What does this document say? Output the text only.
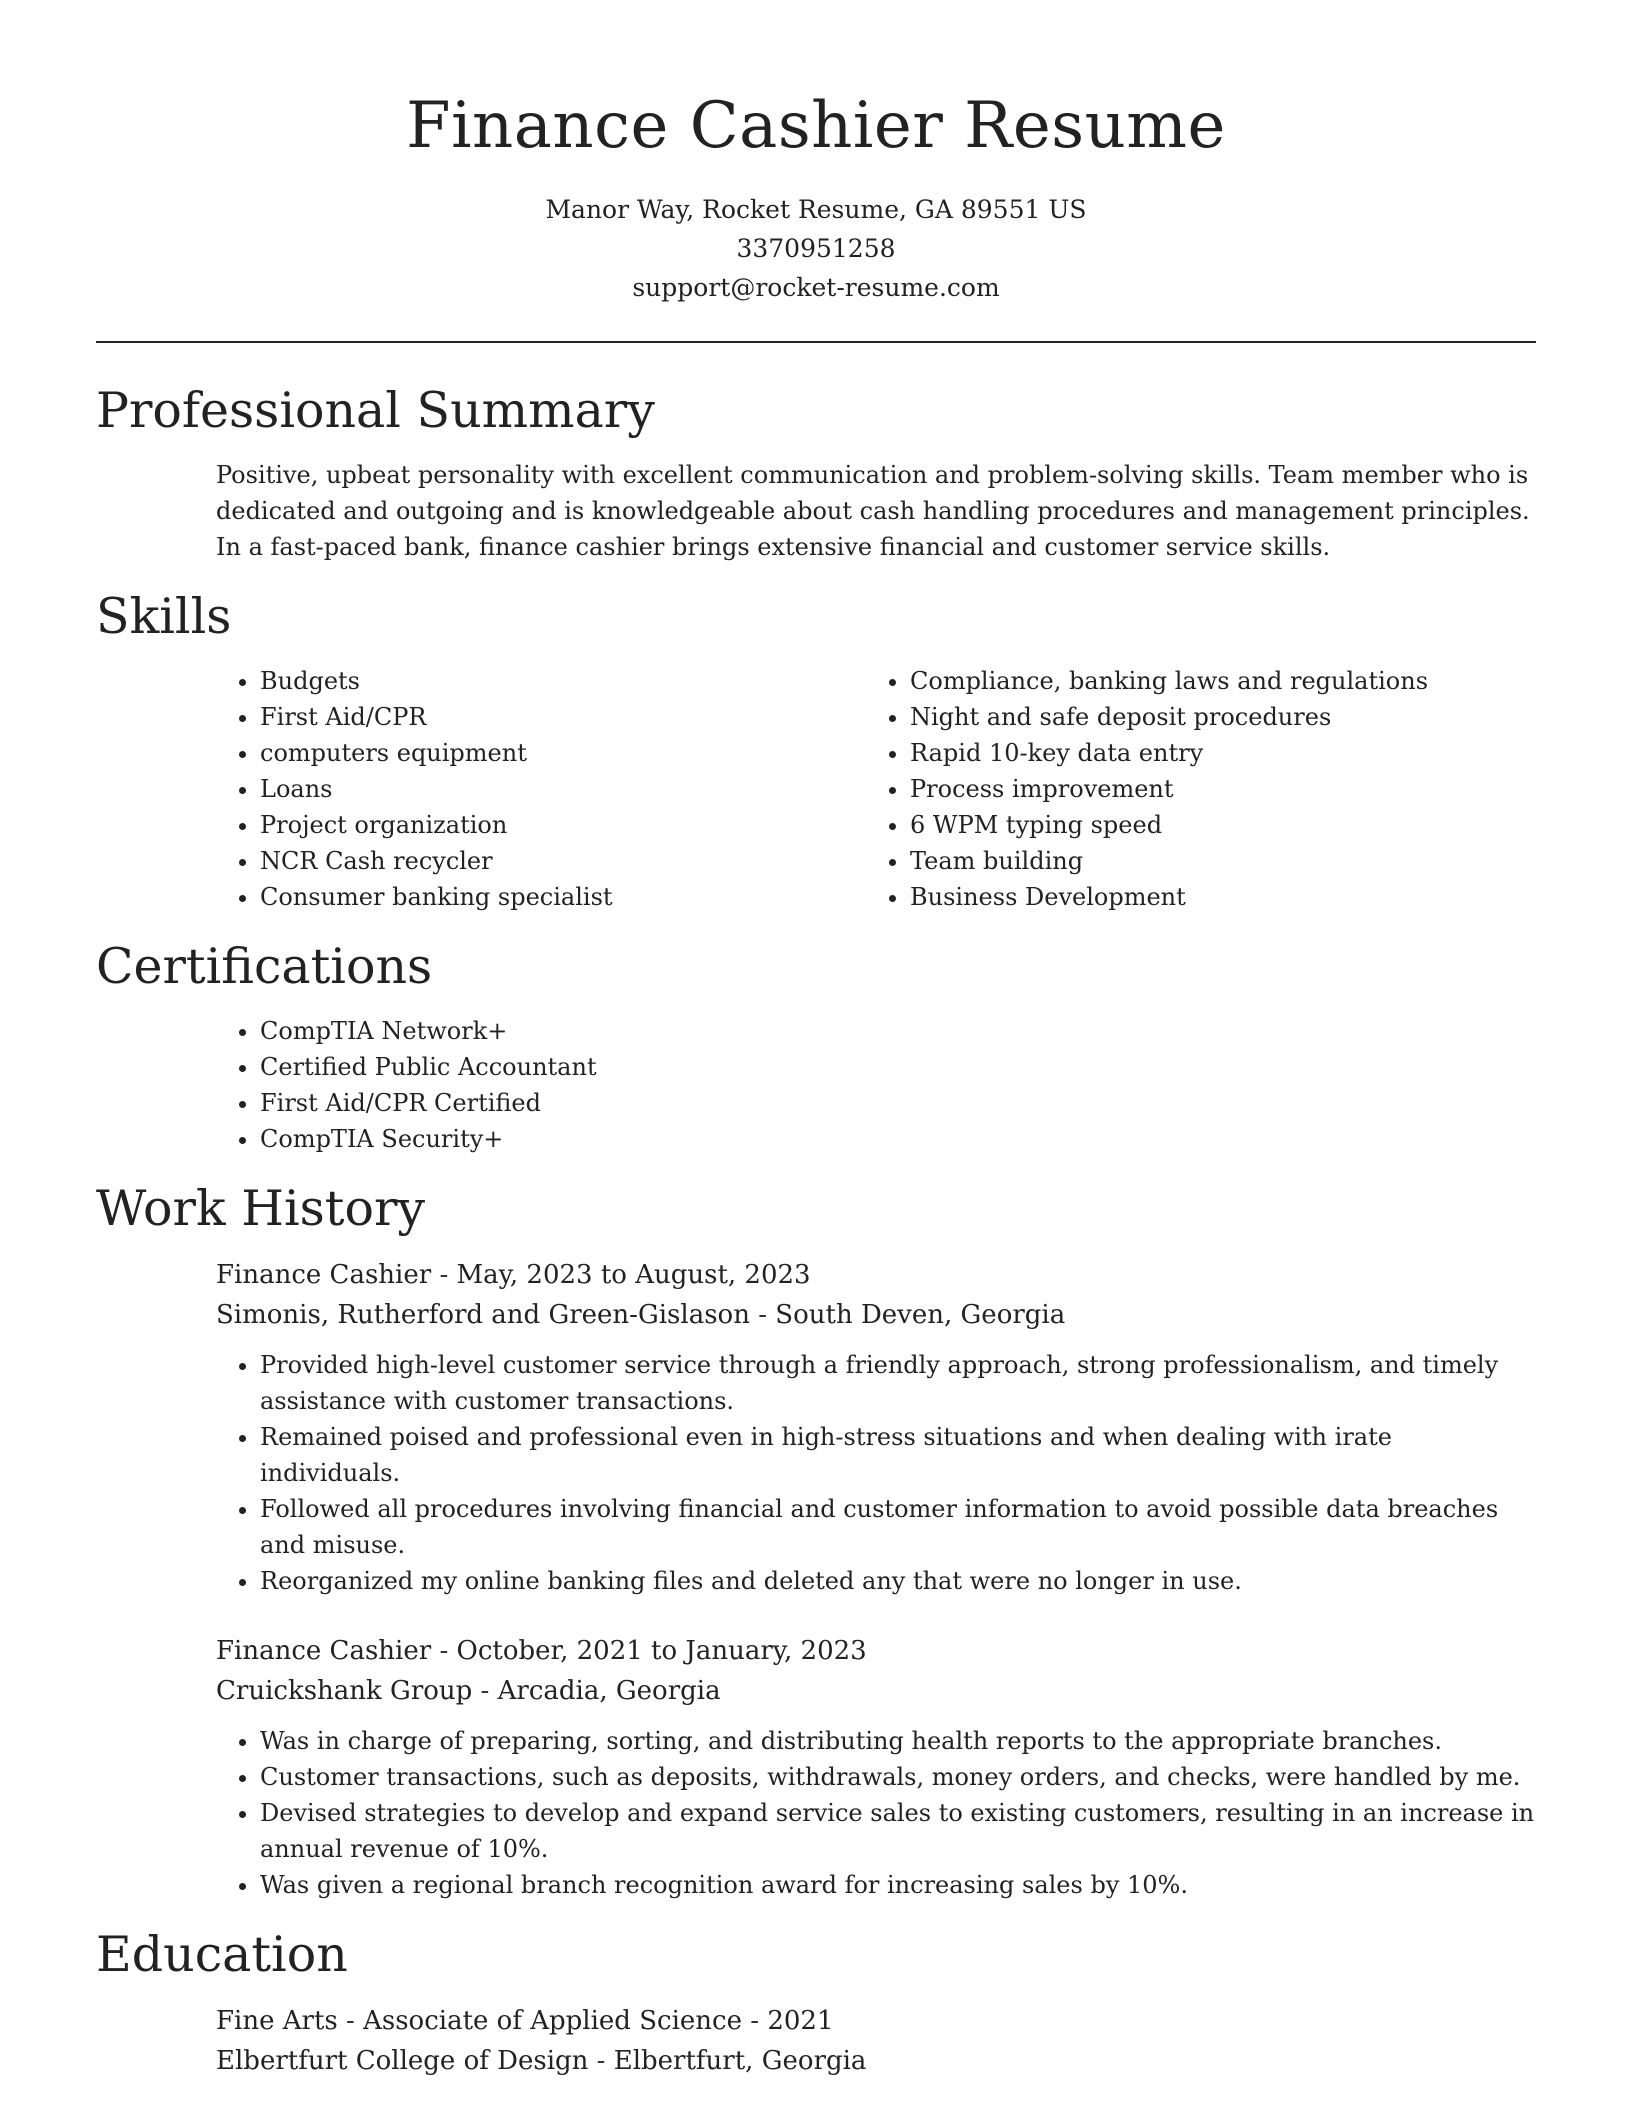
Finance Cashier Resume
Manor Way, Rocket Resume, GA 89551 US
3370951258
support@rocket-resume.com
Professional Summary

Positive, upbeat personality with excellent communication and problem-solving skills. Team member who is dedicated and outgoing and is knowledgeable about cash handling procedures and management principles. In a fast-paced bank, finance cashier brings extensive financial and customer service skills.

Skills
• Budgets
• First Aid/CPR
• computers equipment
• Loans
• Project organization
• NCR Cash recycler
• Consumer banking specialist
• Compliance, banking laws and regulations
• Night and safe deposit procedures
• Rapid 10-key data entry
• Process improvement
• 6 WPM typing speed
• Team building
• Business Development
Certifications
• CompTIA Network+
• Certified Public Accountant
• First Aid/CPR Certified
• CompTIA Security+
Work History
Finance Cashier - May, 2023 to August, 2023
Simonis, Rutherford and Green-Gislason - South Deven, Georgia
• Provided high-level customer service through a friendly approach, strong professionalism, and timely assistance with customer transactions.
• Remained poised and professional even in high-stress situations and when dealing with irate individuals.
• Followed all procedures involving financial and customer information to avoid possible data breaches and misuse.
• Reorganized my online banking files and deleted any that were no longer in use.
Finance Cashier - October, 2021 to January, 2023
Cruickshank Group - Arcadia, Georgia
• Was in charge of preparing, sorting, and distributing health reports to the appropriate branches.
• Customer transactions, such as deposits, withdrawals, money orders, and checks, were handled by me.
• Devised strategies to develop and expand service sales to existing customers, resulting in an increase in annual revenue of 10%.
• Was given a regional branch recognition award for increasing sales by 10%.
Education
Fine Arts - Associate of Applied Science - 2021
Elbertfurt College of Design - Elbertfurt, Georgia
